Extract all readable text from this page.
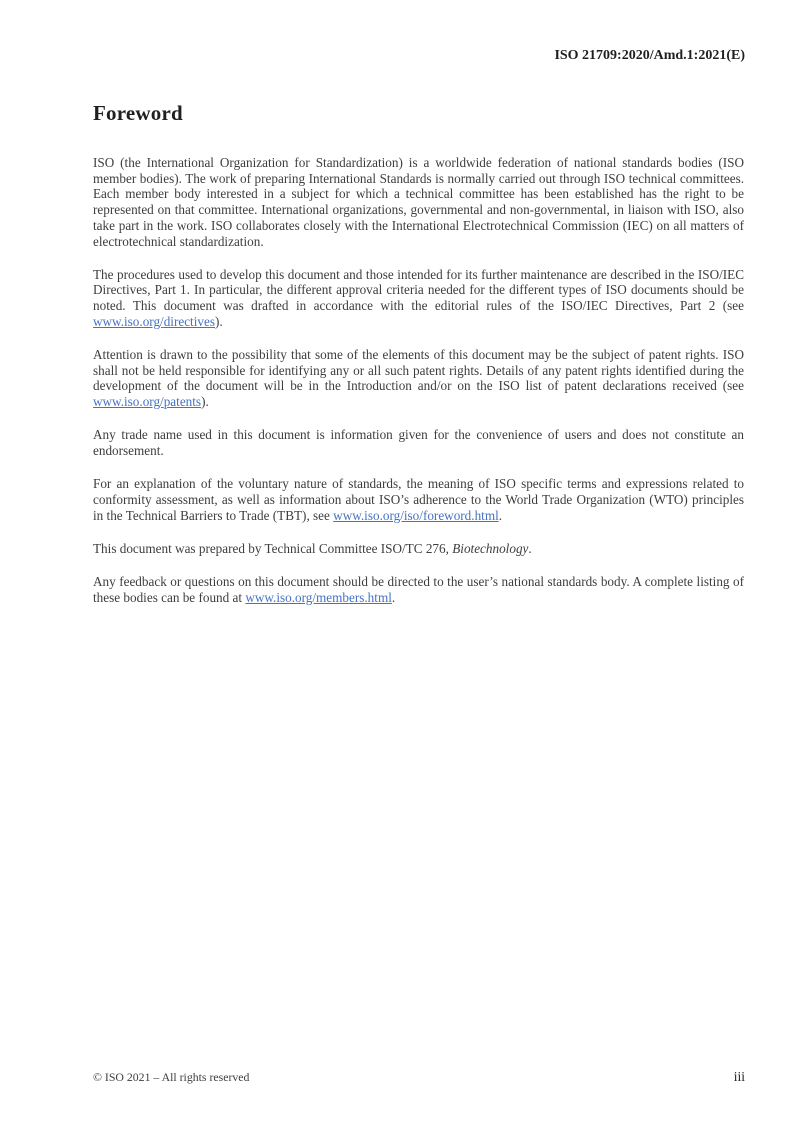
ISO 21709:2020/Amd.1:2021(E)
Foreword

ISO (the International Organization for Standardization) is a worldwide federation of national standards bodies (ISO member bodies). The work of preparing International Standards is normally carried out through ISO technical committees. Each member body interested in a subject for which a technical committee has been established has the right to be represented on that committee. International organizations, governmental and non-governmental, in liaison with ISO, also take part in the work. ISO collaborates closely with the International Electrotechnical Commission (IEC) on all matters of electrotechnical standardization.

The procedures used to develop this document and those intended for its further maintenance are described in the ISO/IEC Directives, Part 1. In particular, the different approval criteria needed for the different types of ISO documents should be noted. This document was drafted in accordance with the editorial rules of the ISO/IEC Directives, Part 2 (see www.iso.org/directives).

Attention is drawn to the possibility that some of the elements of this document may be the subject of patent rights. ISO shall not be held responsible for identifying any or all such patent rights. Details of any patent rights identified during the development of the document will be in the Introduction and/or on the ISO list of patent declarations received (see www.iso.org/patents).

Any trade name used in this document is information given for the convenience of users and does not constitute an endorsement.

For an explanation of the voluntary nature of standards, the meaning of ISO specific terms and expressions related to conformity assessment, as well as information about ISO’s adherence to the World Trade Organization (WTO) principles in the Technical Barriers to Trade (TBT), see www.iso.org/iso/foreword.html.

This document was prepared by Technical Committee ISO/TC 276, Biotechnology.

Any feedback or questions on this document should be directed to the user’s national standards body. A complete listing of these bodies can be found at www.iso.org/members.html.

© ISO 2021 – All rights reserved	iii
